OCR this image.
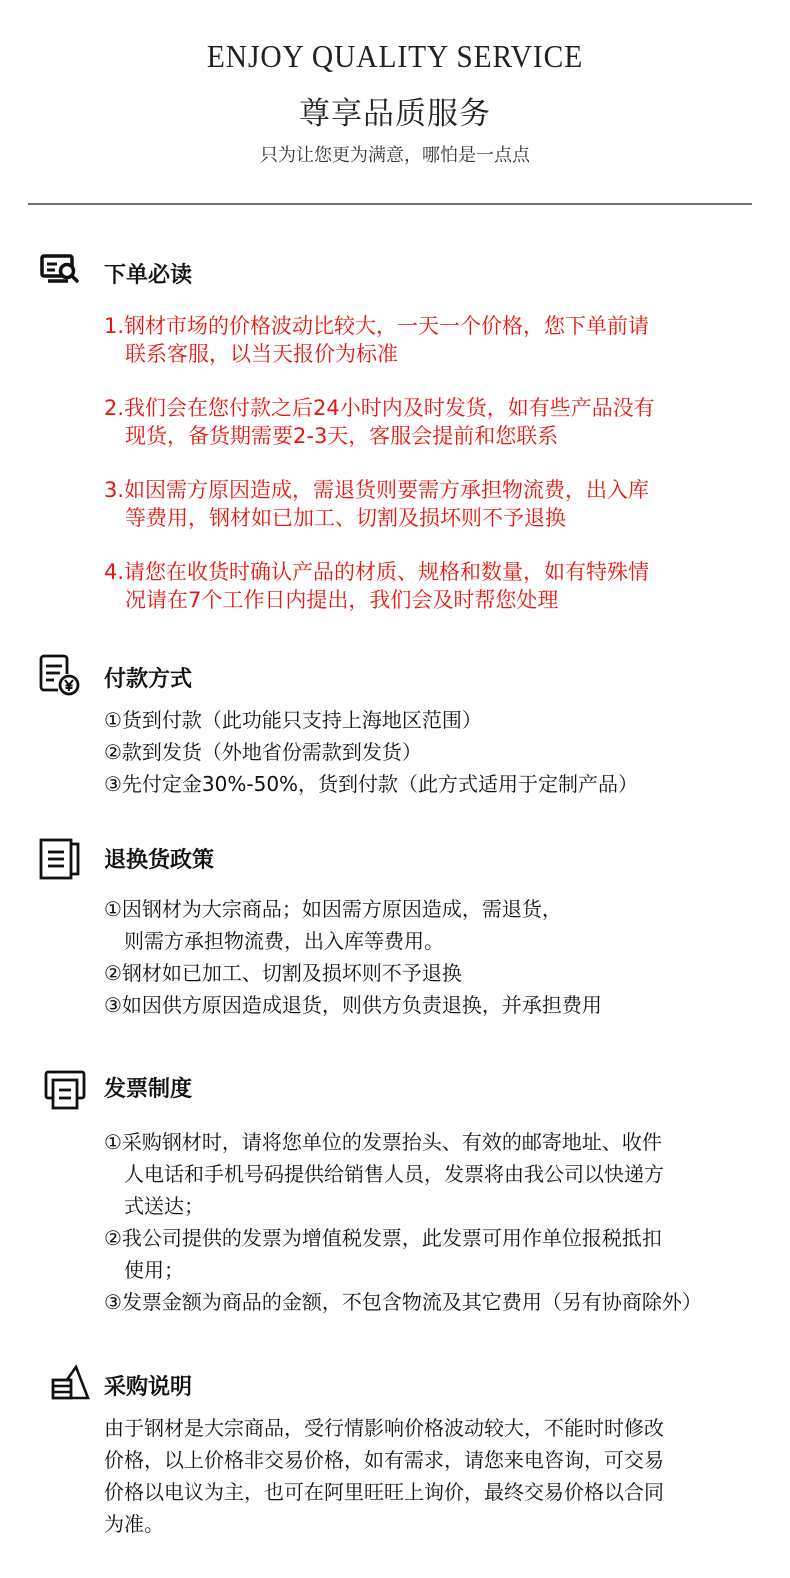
ENJOY QUALITY SERVICE
尊享品质服务
只为让您更为满意，哪怕是一点点
下单必读
1.钢材市场的价格波动比较大，一天一个价格，您下单前请
联系客服，以当天报价为标准
2.我们会在您付款之后24小时内及时发货，如有些产品没有
现货，备货期需要2-3天，客服会提前和您联系
3.如因需方原因造成，需退货则要需方承担物流费，出入库
等费用，钢材如已加工、切割及损坏则不予退换
4.请您在收货时确认产品的材质、规格和数量，如有特殊情
况请在7个工作日内提出，我们会及时帮您处理
付款方式
①货到付款（此功能只支持上海地区范围）
②款到发货（外地省份需款到发货）
③先付定金30%-50%，货到付款（此方式适用于定制产品）
退换货政策
①因钢材为大宗商品；如因需方原因造成，需退货，
则需方承担物流费，出入库等费用。
②钢材如已加工、切割及损坏则不予退换
③如因供方原因造成退货，则供方负责退换，并承担费用
发票制度
①采购钢材时，请将您单位的发票抬头、有效的邮寄地址、收件
人电话和手机号码提供给销售人员，发票将由我公司以快递方
式送达；
②我公司提供的发票为增值税发票，此发票可用作单位报税抵扣
使用；
③发票金额为商品的金额，不包含物流及其它费用（另有协商除外）
采购说明
由于钢材是大宗商品，受行情影响价格波动较大，不能时时修改
价格，以上价格非交易价格，如有需求，请您来电咨询，可交易
价格以电议为主，也可在阿里旺旺上询价，最终交易价格以合同
为准。
